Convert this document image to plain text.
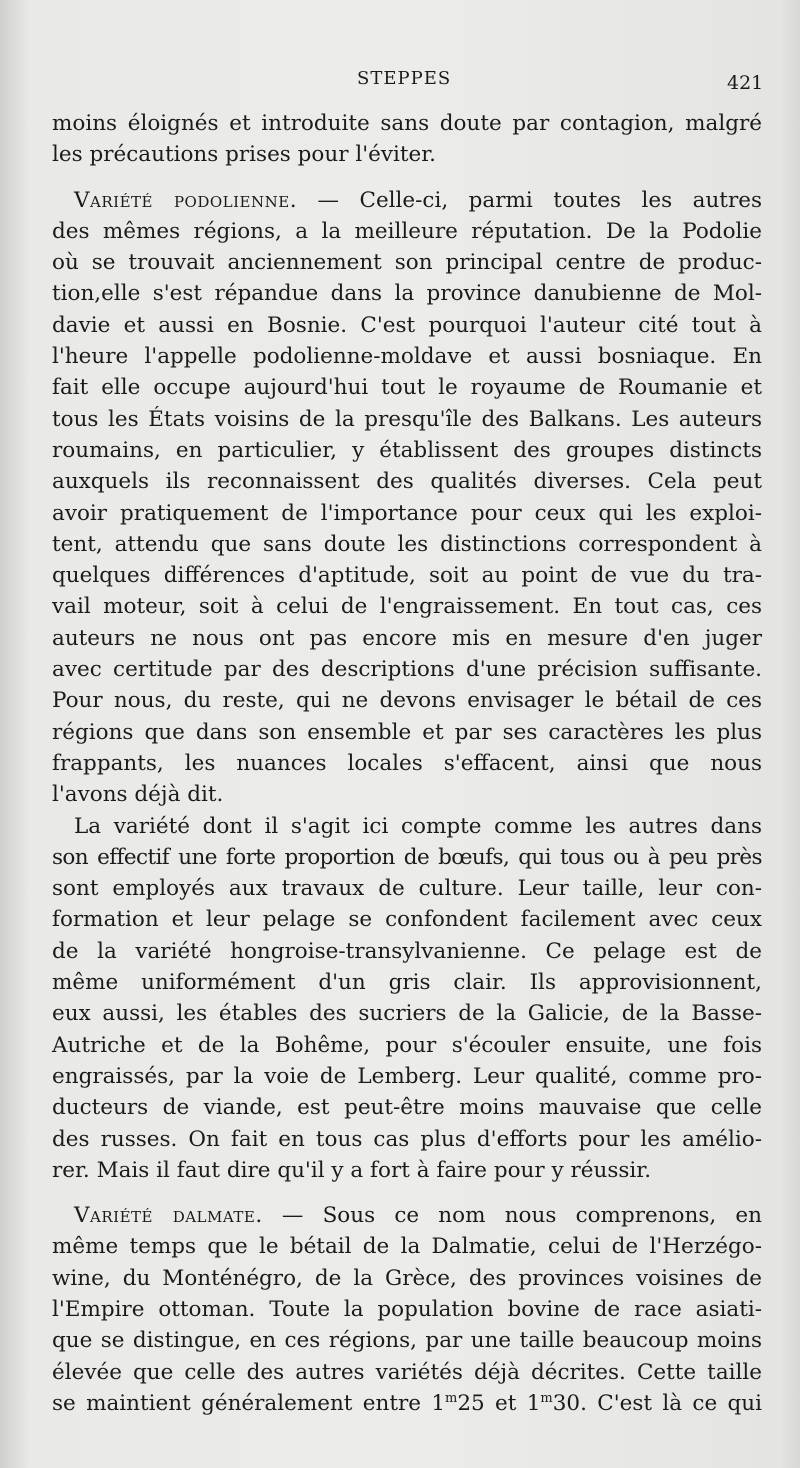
STEPPES	421
moins éloignés et introduite sans doute par contagion, malgré
les précautions prises pour l'éviter.
Variété podolienne. — Celle-ci, parmi toutes les autres
des mêmes régions, a la meilleure réputation. De la Podolie
où se trouvait anciennement son principal centre de produc-
tion,elle s'est répandue dans la province danubienne de Mol-
davie et aussi en Bosnie. C'est pourquoi l'auteur cité tout à
l'heure l'appelle podolienne-moldave et aussi bosniaque. En
fait elle occupe aujourd'hui tout le royaume de Roumanie et
tous les États voisins de la presqu'île des Balkans. Les auteurs
roumains, en particulier, y établissent des groupes distincts
auxquels ils reconnaissent des qualités diverses. Cela peut
avoir pratiquement de l'importance pour ceux qui les exploi-
tent, attendu que sans doute les distinctions correspondent à
quelques différences d'aptitude, soit au point de vue du tra-
vail moteur, soit à celui de l'engraissement. En tout cas, ces
auteurs ne nous ont pas encore mis en mesure d'en juger
avec certitude par des descriptions d'une précision suffisante.
Pour nous, du reste, qui ne devons envisager le bétail de ces
régions que dans son ensemble et par ses caractères les plus
frappants, les nuances locales s'effacent, ainsi que nous
l'avons déjà dit.
La variété dont il s'agit ici compte comme les autres dans
son effectif une forte proportion de bœufs, qui tous ou à peu près
sont employés aux travaux de culture. Leur taille, leur con-
formation et leur pelage se confondent facilement avec ceux
de la variété hongroise-transylvanienne. Ce pelage est de
même uniformément d'un gris clair. Ils approvisionnent,
eux aussi, les étables des sucriers de la Galicie, de la Basse-
Autriche et de la Bohême, pour s'écouler ensuite, une fois
engraissés, par la voie de Lemberg. Leur qualité, comme pro-
ducteurs de viande, est peut-être moins mauvaise que celle
des russes. On fait en tous cas plus d'efforts pour les amélio-
rer. Mais il faut dire qu'il y a fort à faire pour y réussir.
Variété dalmate. — Sous ce nom nous comprenons, en
même temps que le bétail de la Dalmatie, celui de l'Herzégo-
wine, du Monténégro, de la Grèce, des provinces voisines de
l'Empire ottoman. Toute la population bovine de race asiati-
que se distingue, en ces régions, par une taille beaucoup moins
élevée que celle des autres variétés déjà décrites. Cette taille
se maintient généralement entre 1$^m$25 et 1$^m$30. C'est là ce qui
